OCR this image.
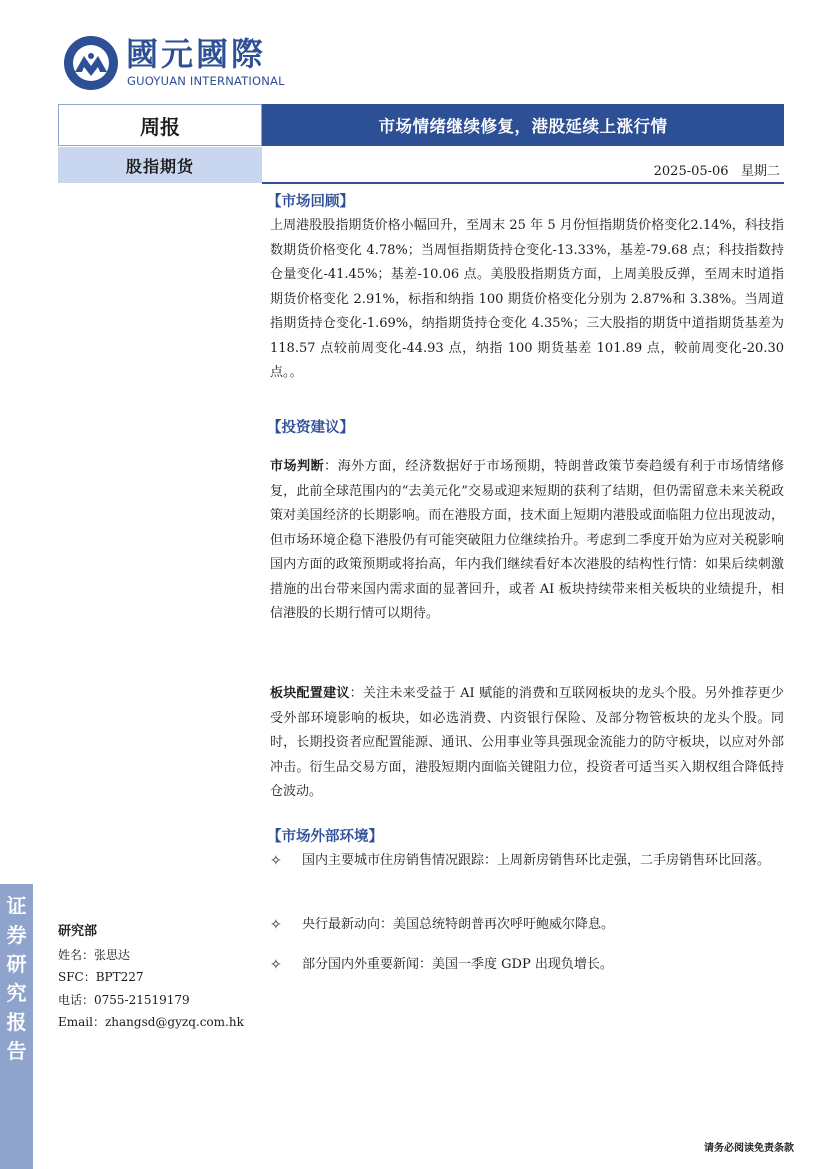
國元國際
GUOYUAN INTERNATIONAL
周报	市场情绪继续修复，港股延续上涨行情
股指期货	2025-05-06 星期二
证
券
研
究
报
告
研究部
姓名：张思达
SFC：BPT227
电话：0755-21519179
Email：zhangsd@gyzq.com.hk
【市场回顾】
上周港股股指期货价格小幅回升，至周末 25 年 5 月份恒指期货价格变化2.14%，科技指数期货价格变化 4.78%；当周恒指期货持仓变化-13.33%，基差-79.68 点；科技指数持仓量变化-41.45%；基差-10.06 点。美股股指期货方面，上周美股反弹，至周末时道指期货价格变化 2.91%，标指和纳指 100 期货价格变化分别为 2.87%和 3.38%。当周道指期货持仓变化-1.69%，纳指期货持仓变化 4.35%；三大股指的期货中道指期货基差为 118.57 点较前周变化-44.93 点，纳指 100 期货基差 101.89 点，較前周变化-20.30 点。。
【投资建议】
市场判断：海外方面，经济数据好于市场预期，特朗普政策节奏趋缓有利于市场情绪修复，此前全球范围内的“去美元化”交易或迎来短期的获利了结期，但仍需留意未来关税政策对美国经济的长期影响。而在港股方面，技术面上短期内港股或面临阻力位出现波动，但市场环境企稳下港股仍有可能突破阻力位继续抬升。考虑到二季度开始为应对关税影响国内方面的政策预期或将抬高，年内我们继续看好本次港股的结构性行情：如果后续刺激措施的出台带来国内需求面的显著回升，或者 AI 板块持续带来相关板块的业绩提升，相信港股的长期行情可以期待。
板块配置建议：关注未来受益于 AI 赋能的消费和互联网板块的龙头个股。另外推荐更少受外部环境影响的板块，如必选消费、内资银行保险、及部分物管板块的龙头个股。同时，长期投资者应配置能源、通讯、公用事业等具强现金流能力的防守板块，以应对外部冲击。衍生品交易方面，港股短期内面临关键阻力位，投资者可适当买入期权组合降低持仓波动。
【市场外部环境】
✧ 国内主要城市住房销售情况跟踪：上周新房销售环比走强，二手房销售环比回落。
✧ 央行最新动向：美国总统特朗普再次呼吁鲍威尔降息。
✧ 部分国内外重要新闻：美国一季度 GDP 出现负增长。
请务必阅读免责条款
